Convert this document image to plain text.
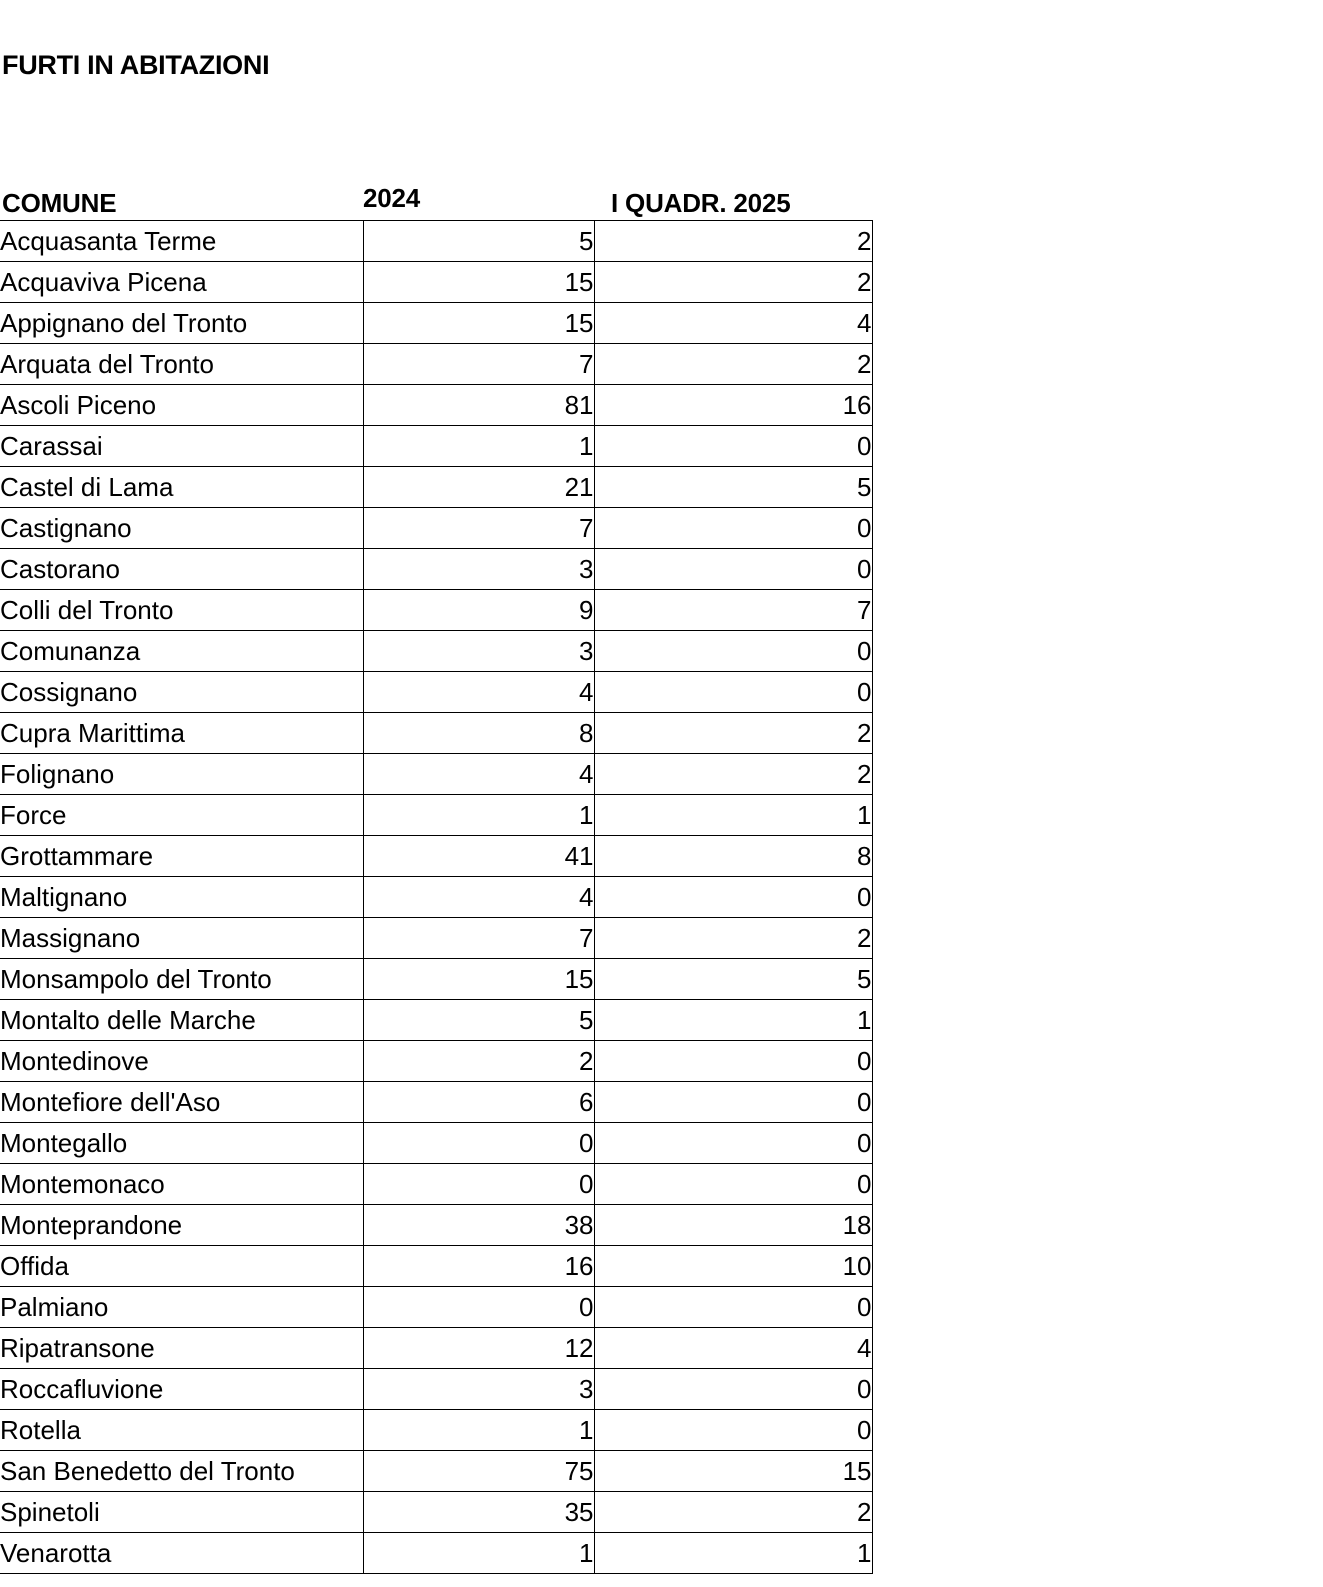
FURTI IN ABITAZIONI
COMUNE	2024	I QUADR. 2025
Acquasanta Terme	5	2
Acquaviva Picena	15	2
Appignano del Tronto	15	4
Arquata del Tronto	7	2
Ascoli Piceno	81	16
Carassai	1	0
Castel di Lama	21	5
Castignano	7	0
Castorano	3	0
Colli del Tronto	9	7
Comunanza	3	0
Cossignano	4	0
Cupra Marittima	8	2
Folignano	4	2
Force	1	1
Grottammare	41	8
Maltignano	4	0
Massignano	7	2
Monsampolo del Tronto	15	5
Montalto delle Marche	5	1
Montedinove	2	0
Montefiore dell'Aso	6	0
Montegallo	0	0
Montemonaco	0	0
Monteprandone	38	18
Offida	16	10
Palmiano	0	0
Ripatransone	12	4
Roccafluvione	3	0
Rotella	1	0
San Benedetto del Tronto	75	15
Spinetoli	35	2
Venarotta	1	1
